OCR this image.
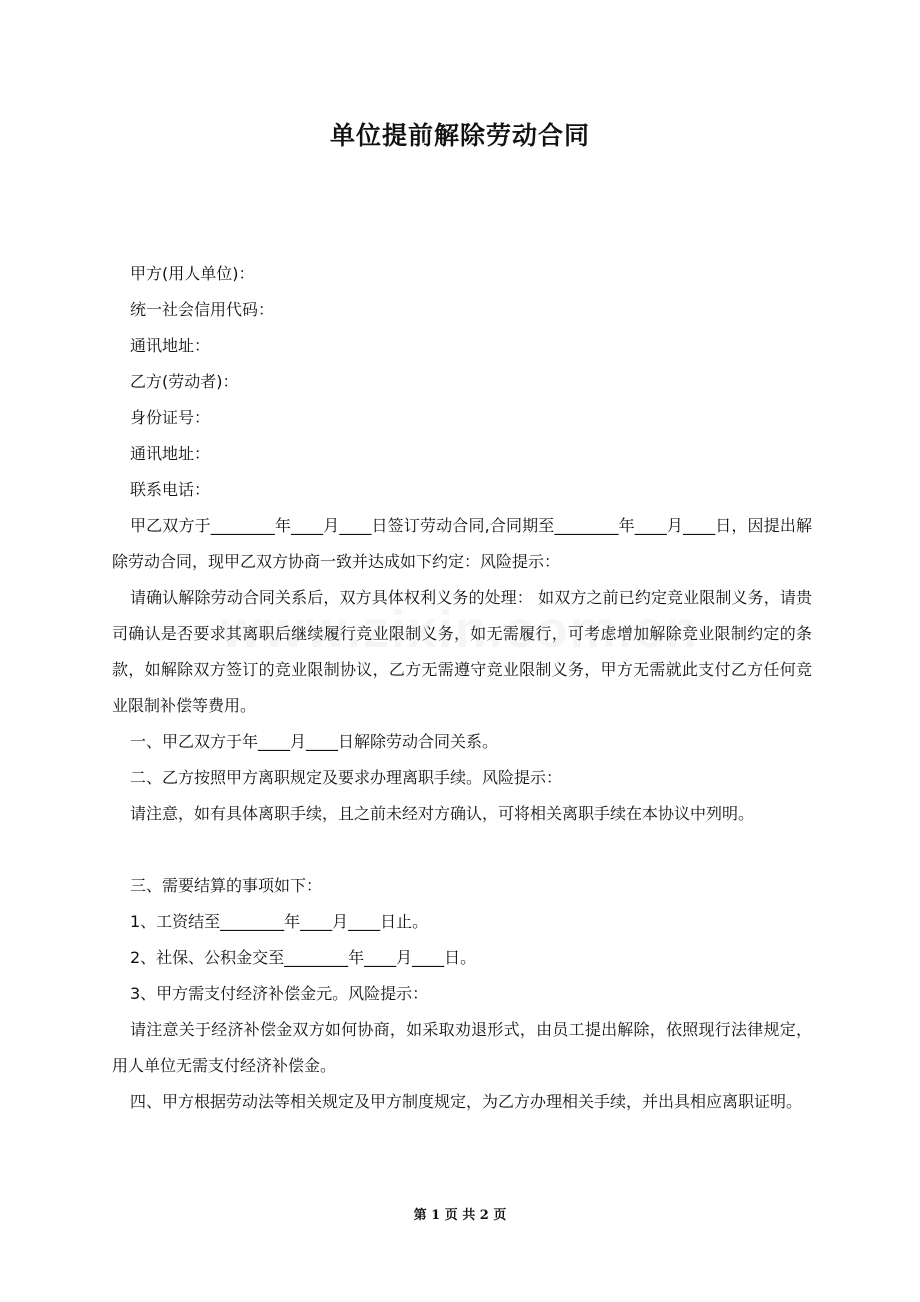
单位提前解除劳动合同

甲方(用人单位)：

统一社会信用代码：

通讯地址：

乙方(劳动者)：

身份证号：

通讯地址：

联系电话：

甲乙双方于________年____月____日签订劳动合同,合同期至________年____月____日，因提出解除劳动合同，现甲乙双方协商一致并达成如下约定：风险提示：

请确认解除劳动合同关系后，双方具体权利义务的处理： 如双方之前已约定竞业限制义务，请贵司确认是否要求其离职后继续履行竞业限制义务，如无需履行，可考虑增加解除竞业限制约定的条款，如解除双方签订的竞业限制协议，乙方无需遵守竞业限制义务，甲方无需就此支付乙方任何竞业限制补偿等费用。

一、甲乙双方于年____月____日解除劳动合同关系。

二、乙方按照甲方离职规定及要求办理离职手续。风险提示：

请注意，如有具体离职手续，且之前未经对方确认，可将相关离职手续在本协议中列明。

三、需要结算的事项如下：

1、工资结至________年____月____日止。

2、社保、公积金交至________年____月____日。

3、甲方需支付经济补偿金元。风险提示：

请注意关于经济补偿金双方如何协商，如采取劝退形式，由员工提出解除，依照现行法律规定，用人单位无需支付经济补偿金。

四、甲方根据劳动法等相关规定及甲方制度规定，为乙方办理相关手续，并出具相应离职证明。

第 1 页 共 2 页
